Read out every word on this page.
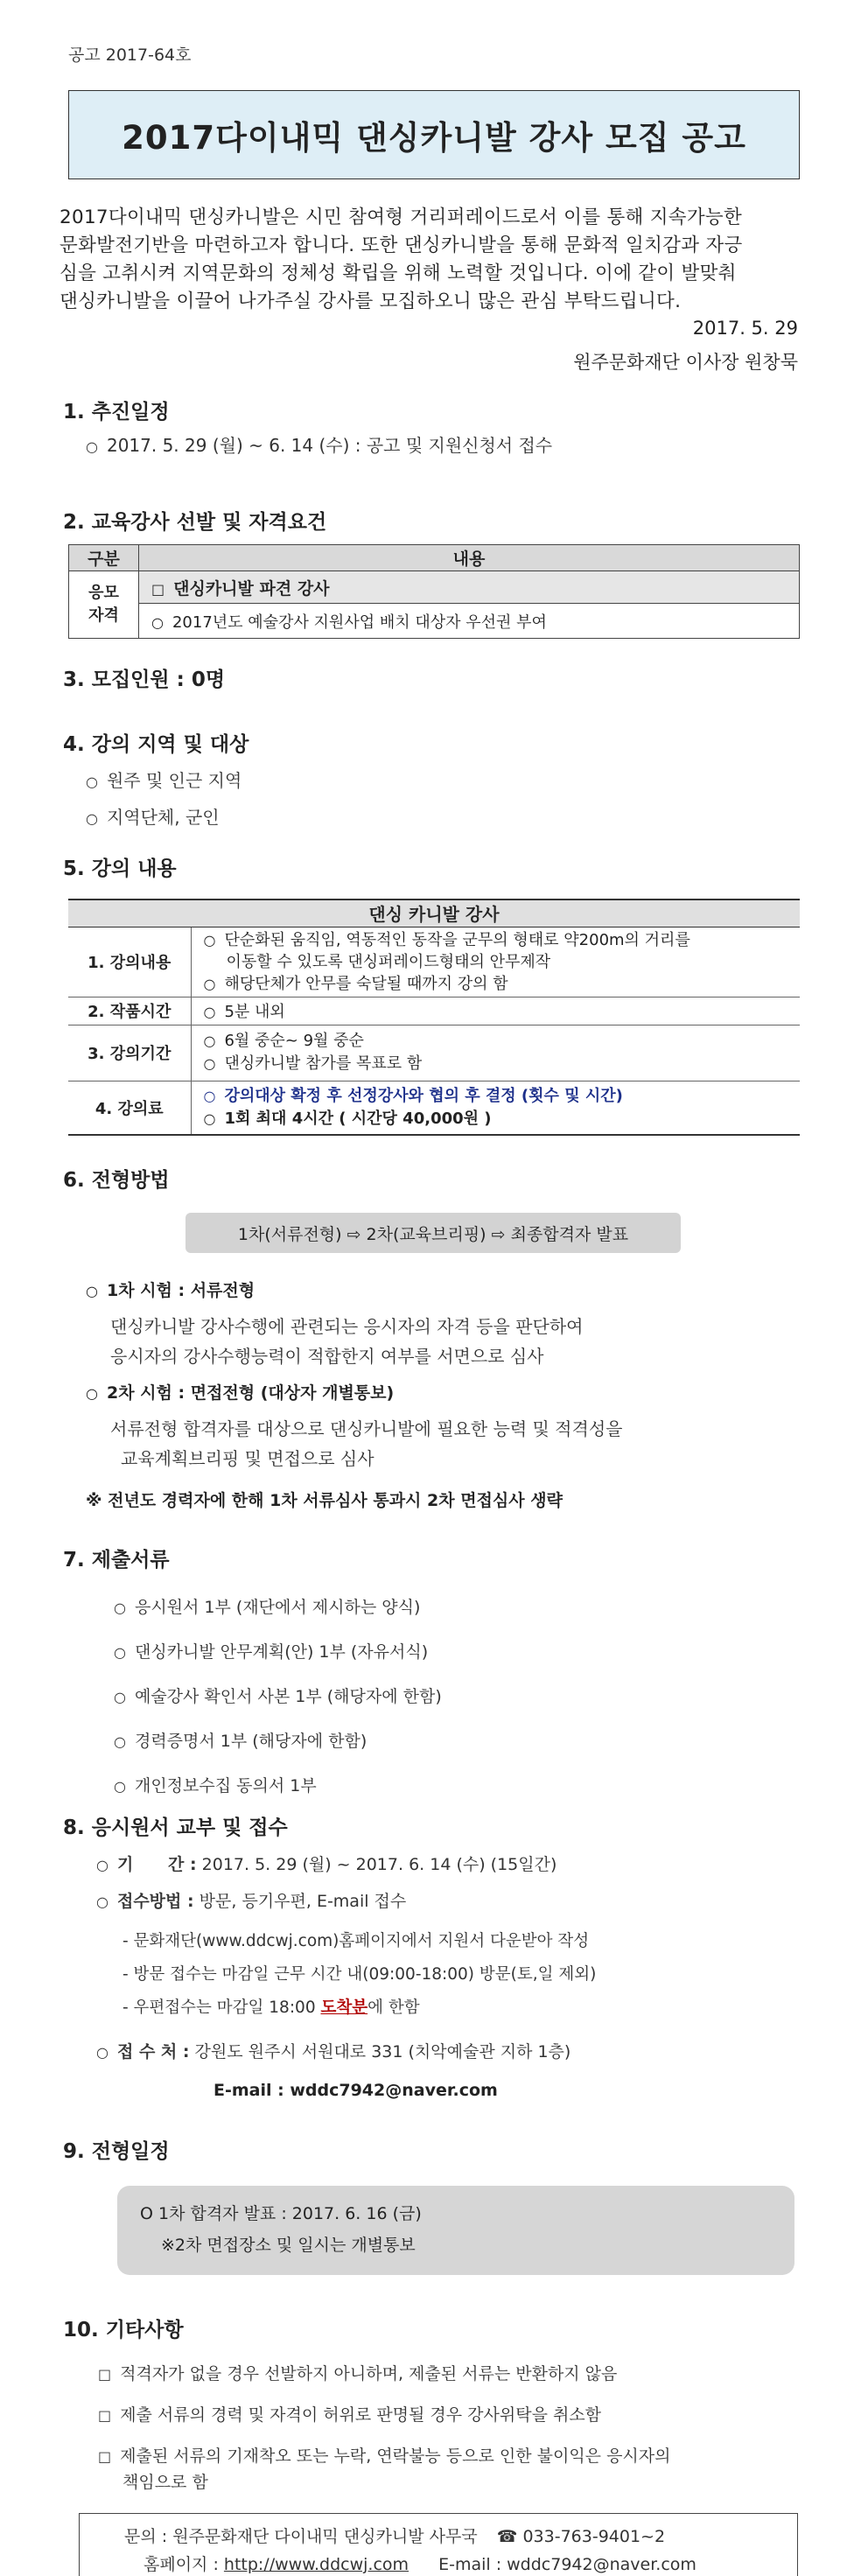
공고 2017-64호
2017다이내믹 댄싱카니발 강사 모집 공고

2017다이내믹 댄싱카니발은 시민 참여형 거리퍼레이드로서 이를 통해 지속가능한

문화발전기반을 마련하고자 합니다. 또한 댄싱카니발을 통해 문화적 일치감과 자긍

심을 고취시켜 지역문화의 정체성 확립을 위해 노력할 것입니다. 이에 같이 발맞춰

댄싱카니발을 이끌어 나가주실 강사를 모집하오니 많은 관심 부탁드립니다.

2017. 5. 29
원주문화재단 이사장 원창묵
1. 추진일정
○ 2017. 5. 29 (월) ~ 6. 14 (수) : 공고 및 지원신청서 접수
2. 교육강사 선발 및 자격요건
구분	내용

응모
자격	□ 댄싱카니발 파견 강사
	○ 2017년도 예술강사 지원사업 배치 대상자 우선권 부여
3. 모집인원 : 0명
4. 강의 지역 및 대상
○ 원주 및 인근 지역
○ 지역단체, 군인
5. 강의 내용
댄싱 카니발 강사	
1. 강의내용	○ 단순화된 움직임, 역동적인 동작을 군무의 형태로 약200m의 거리를
이동할 수 있도록 댄싱퍼레이드형태의 안무제작
○ 해당단체가 안무를 숙달될 때까지 강의 함

2. 작품시간	○ 5분 내외

3. 강의기간	○ 6월 중순~ 9월 중순
○ 댄싱카니발 참가를 목표로 함

4. 강의료	○ 강의대상 확정 후 선정강사와 협의 후 결정 (횟수 및 시간)
○ 1회 최대 4시간 ( 시간당 40,000원 )
6. 전형방법
1차(서류전형) ⇨ 2차(교육브리핑) ⇨ 최종합격자 발표
○ 1차 시험 : 서류전형
댄싱카니발 강사수행에 관련되는 응시자의 자격 등을 판단하여
응시자의 강사수행능력이 적합한지 여부를 서면으로 심사
○ 2차 시험 : 면접전형 (대상자 개별통보)
서류전형 합격자를 대상으로 댄싱카니발에 필요한 능력 및 적격성을
교육계획브리핑 및 면접으로 심사
※ 전년도 경력자에 한해 1차 서류심사 통과시 2차 면접심사 생략
7. 제출서류
○ 응시원서 1부 (재단에서 제시하는 양식)
○ 댄싱카니발 안무계획(안) 1부 (자유서식)
○ 예술강사 확인서 사본 1부 (해당자에 한함)
○ 경력증명서 1부 (해당자에 한함)
○ 개인정보수집 동의서 1부
8. 응시원서 교부 및 접수
○ 기      간 : 2017. 5. 29 (월) ~ 2017. 6. 14 (수) (15일간)
○ 접수방법 : 방문, 등기우편, E-mail 접수
- 문화재단(www.ddcwj.com)홈페이지에서 지원서 다운받아 작성
- 방문 접수는 마감일 근무 시간 내(09:00-18:00) 방문(토,일 제외)
- 우편접수는 마감일 18:00 도착분에 한함
○ 접 수 처 : 강원도 원주시 서원대로 331 (치악예술관 지하 1층)
E-mail : wddc7942@naver.com
9. 전형일정
O 1차 합격자 발표 : 2017. 6. 16 (금)
※2차 면접장소 및 일시는 개별통보
10. 기타사항
□ 적격자가 없을 경우 선발하지 아니하며, 제출된 서류는 반환하지 않음
□ 제출 서류의 경력 및 자격이 허위로 판명될 경우 강사위탁을 취소함
□ 제출된 서류의 기재착오 또는 누락, 연락불능 등으로 인한 불이익은 응시자의
책임으로 함
문의 : 원주문화재단 다이내믹 댄싱카니발 사무국 ☎ 033-763-9401~2
홈페이지 : http://www.ddcwj.com E-mail : wddc7942@naver.com
